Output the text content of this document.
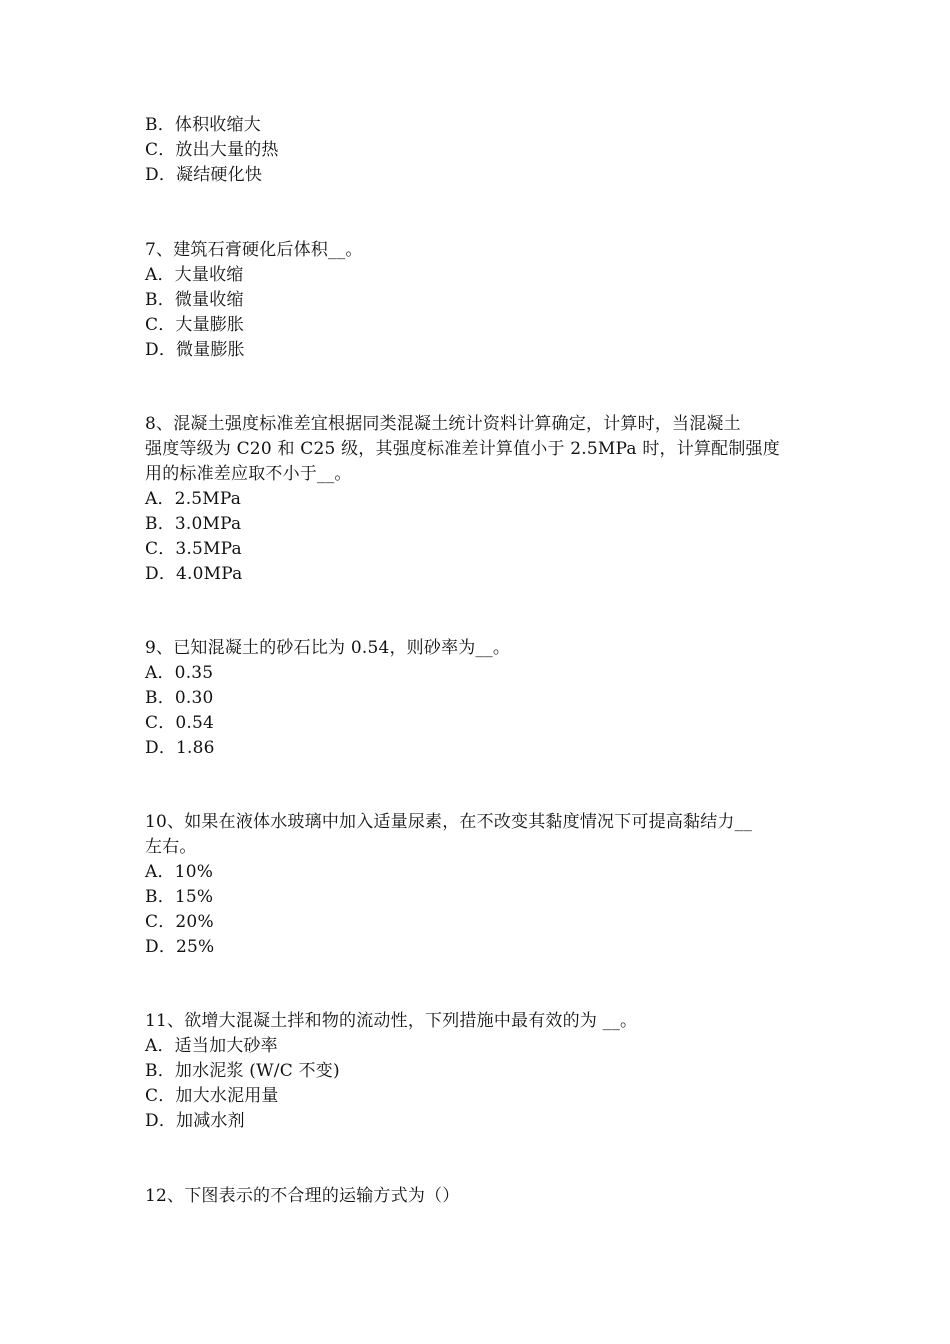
B．体积收缩大
C．放出大量的热
D．凝结硬化快
7、建筑石膏硬化后体积__。
A．大量收缩
B．微量收缩
C．大量膨胀
D．微量膨胀
8、混凝土强度标准差宜根据同类混凝土统计资料计算确定，计算时，当混凝土
强度等级为 C20 和 C25 级，其强度标准差计算值小于 2.5MPa 时，计算配制强度
用的标准差应取不小于__。
A．2.5MPa
B．3.0MPa
C．3.5MPa
D．4.0MPa
9、已知混凝土的砂石比为 0.54，则砂率为__。
A．0.35
B．0.30
C．0.54
D．1.86
10、如果在液体水玻璃中加入适量尿素，在不改变其黏度情况下可提高黏结力__
左右。
A．10%
B．15%
C．20%
D．25%
11、欲增大混凝土拌和物的流动性，下列措施中最有效的为 __。
A．适当加大砂率
B．加水泥浆 (W/C 不变)
C．加大水泥用量
D．加减水剂
12、下图表示的不合理的运输方式为（）
